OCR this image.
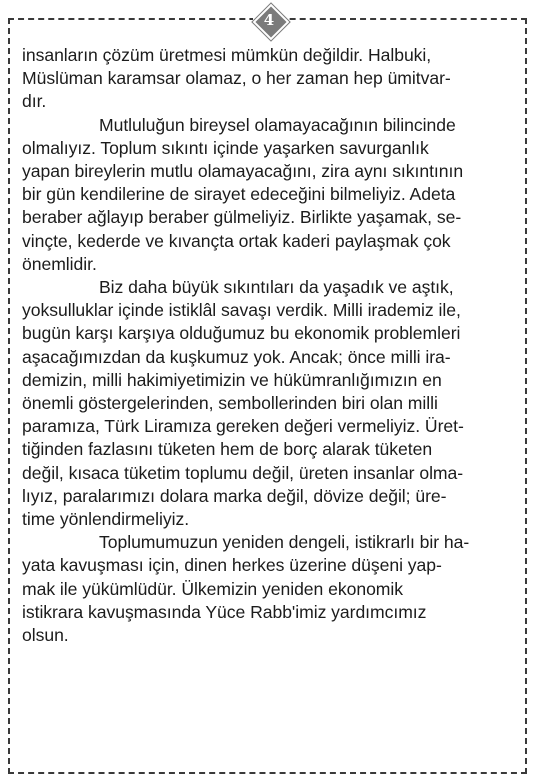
4
insanların çözüm üretmesi mümkün değildir. Halbuki,
Müslüman karamsar olamaz, o her zaman hep ümitvar-
dır.
Mutluluğun bireysel olamayacağının bilincinde
olmalıyız. Toplum sıkıntı içinde yaşarken savurganlık
yapan bireylerin mutlu olamayacağını, zira aynı sıkıntının
bir gün kendilerine de sirayet edeceğini bilmeliyiz. Adeta
beraber ağlayıp beraber gülmeliyiz. Birlikte yaşamak, se-
vinçte, kederde ve kıvançta ortak kaderi paylaşmak çok
önemlidir.
Biz daha büyük sıkıntıları da yaşadık ve aştık,
yoksulluklar içinde istiklâl savaşı verdik. Milli irademiz ile,
bugün karşı karşıya olduğumuz bu ekonomik problemleri
aşacağımızdan da kuşkumuz yok. Ancak; önce milli ira-
demizin, milli hakimiyetimizin ve hükümranlığımızın en
önemli göstergelerinden, sembollerinden biri olan milli
paramıza, Türk Liramıza gereken değeri vermeliyiz. Üret-
tiğinden fazlasını tüketen hem de borç alarak tüketen
değil, kısaca tüketim toplumu değil, üreten insanlar olma-
lıyız, paralarımızı dolara marka değil, dövize değil; üre-
time yönlendirmeliyiz.
Toplumumuzun yeniden dengeli, istikrarlı bir ha-
yata kavuşması için, dinen herkes üzerine düşeni yap-
mak ile yükümlüdür. Ülkemizin yeniden ekonomik
istikrara kavuşmasında Yüce Rabb'imiz yardımcımız
olsun.
